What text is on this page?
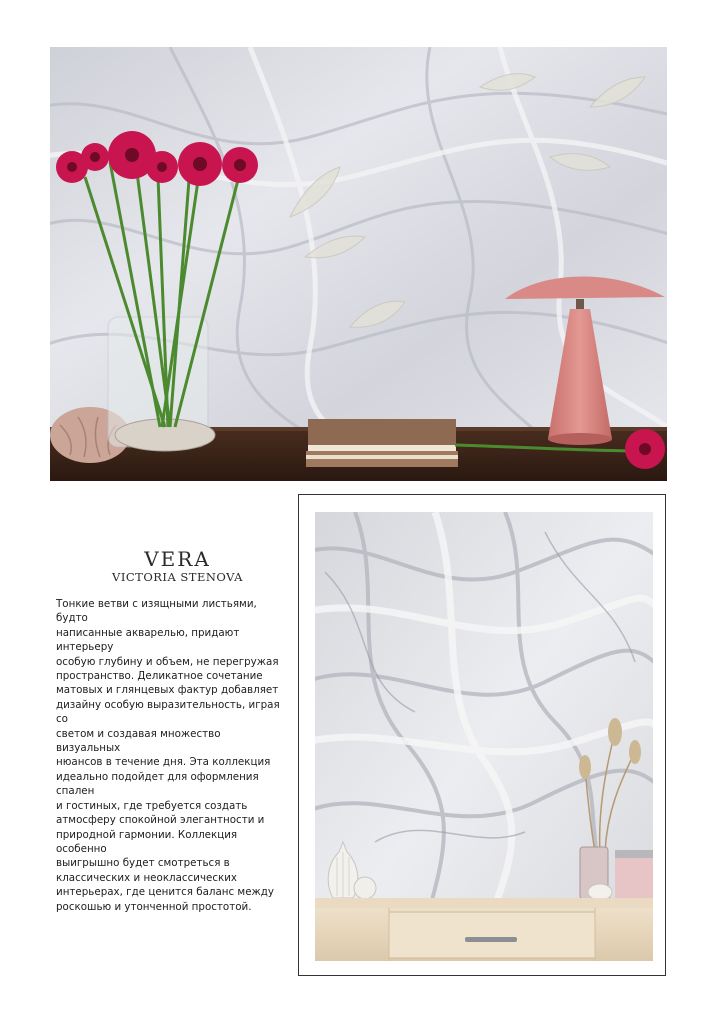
VERA
VICTORIA STENOVA

Тонкие ветви с изящными листьями, будто
написанные акварелью, придают интерьеру
особую глубину и объем, не перегружая
пространство. Деликатное сочетание
матовых и глянцевых фактур добавляет
дизайну особую выразительность, играя со
светом и создавая множество визуальных
нюансов в течение дня. Эта коллекция
идеально подойдет для оформления спален
и гостиных, где требуется создать
атмосферу спокойной элегантности и
природной гармонии. Коллекция особенно
выигрышно будет смотреться в
классических и неоклассических
интерьерах, где ценится баланс между
роскошью и утонченной простотой.
